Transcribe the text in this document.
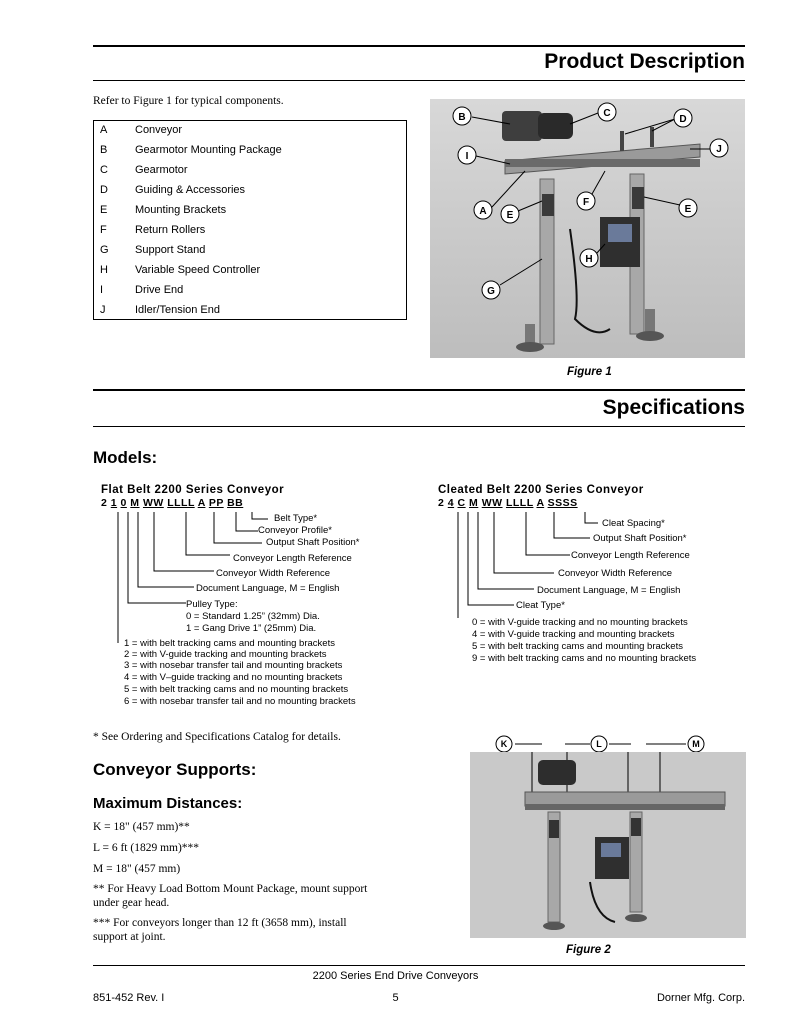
Product Description
Refer to Figure 1 for typical components.
A	Conveyor
B	Gearmotor Mounting Package
C Gearmotor
D Guiding & Accessories
E	Mounting Brackets
F	Return Rollers
G Support Stand
H Variable Speed Controller
I	Drive End
J	Idler/Tension End
B	C
D
I
J
A E
F
E
H
G
Figure 1
Specifications
Models:
Flat Belt 2200 Series Conveyor
2 1 0 M WW LLLL A PP BB
Belt Type*
Conveyor Profile*
Output Shaft Position*
Conveyor Length Reference
Conveyor Width Reference
Document Language, M = English
Pulley Type:
0 = Standard 1.25” (32mm) Dia.
1 = Gang Drive 1” (25mm) Dia.
1 = with belt tracking cams and mounting brackets
2 = with V-guide tracking and mounting brackets
3 = with nosebar transfer tail and mounting brackets
4 = with V–guide tracking and no mounting brackets
5 = with belt tracking cams and no mounting brackets
6 = with nosebar transfer tail and no mounting brackets
Cleated Belt 2200 Series Conveyor
2 4 C M WW LLLL A SSSS
Cleat Spacing*
Output Shaft Position*
Conveyor Length Reference
Conveyor Width Reference
Document Language, M = English
Cleat Type*
0 = with V-guide tracking and no mounting brackets
4 = with V-guide tracking and mounting brackets
5 = with belt tracking cams and mounting brackets
9 = with belt tracking cams and no mounting brackets
* See Ordering and Specifications Catalog for details.
Conveyor Supports:
Maximum Distances:
K = 18" (457 mm)**
L = 6 ft (1829 mm)***
M = 18" (457 mm)
** For Heavy Load Bottom Mount Package, mount support
under gear head.
*** For conveyors longer than 12 ft (3658 mm), install
support at joint.
K	L	M
Figure 2
2200 Series End Drive Conveyors
851-452 Rev. I	5	Dorner Mfg. Corp.
